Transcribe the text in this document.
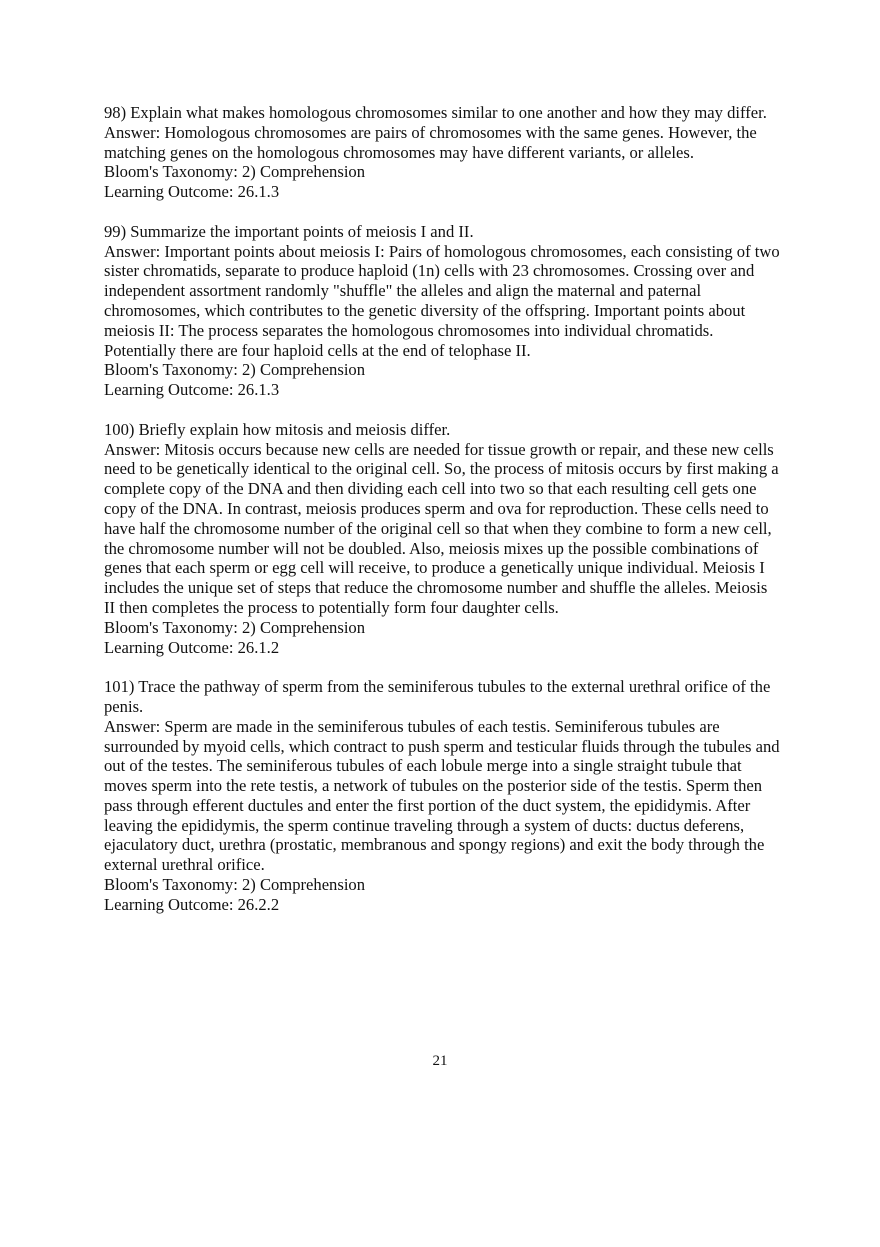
98) Explain what makes homologous chromosomes similar to one another and how they may differ.

Answer: Homologous chromosomes are pairs of chromosomes with the same genes. However, the matching genes on the homologous chromosomes may have different variants, or alleles.

Bloom's Taxonomy: 2) Comprehension

Learning Outcome: 26.1.3

99) Summarize the important points of meiosis I and II.

Answer: Important points about meiosis I: Pairs of homologous chromosomes, each consisting of two sister chromatids, separate to produce haploid (1n) cells with 23 chromosomes. Crossing over and independent assortment randomly "shuffle" the alleles and align the maternal and paternal chromosomes, which contributes to the genetic diversity of the offspring. Important points about meiosis II: The process separates the homologous chromosomes into individual chromatids. Potentially there are four haploid cells at the end of telophase II.

Bloom's Taxonomy: 2) Comprehension

Learning Outcome: 26.1.3

100) Briefly explain how mitosis and meiosis differ.

Answer: Mitosis occurs because new cells are needed for tissue growth or repair, and these new cells need to be genetically identical to the original cell. So, the process of mitosis occurs by first making a complete copy of the DNA and then dividing each cell into two so that each resulting cell gets one copy of the DNA. In contrast, meiosis produces sperm and ova for reproduction. These cells need to have half the chromosome number of the original cell so that when they combine to form a new cell, the chromosome number will not be doubled. Also, meiosis mixes up the possible combinations of genes that each sperm or egg cell will receive, to produce a genetically unique individual. Meiosis I includes the unique set of steps that reduce the chromosome number and shuffle the alleles. Meiosis II then completes the process to potentially form four daughter cells.

Bloom's Taxonomy: 2) Comprehension

Learning Outcome: 26.1.2

101) Trace the pathway of sperm from the seminiferous tubules to the external urethral orifice of the penis.

Answer: Sperm are made in the seminiferous tubules of each testis. Seminiferous tubules are surrounded by myoid cells, which contract to push sperm and testicular fluids through the tubules and out of the testes. The seminiferous tubules of each lobule merge into a single straight tubule that moves sperm into the rete testis, a network of tubules on the posterior side of the testis. Sperm then pass through efferent ductules and enter the first portion of the duct system, the epididymis. After leaving the epididymis, the sperm continue traveling through a system of ducts: ductus deferens, ejaculatory duct, urethra (prostatic, membranous and spongy regions) and exit the body through the external urethral orifice.

Bloom's Taxonomy: 2) Comprehension

Learning Outcome: 26.2.2

21
